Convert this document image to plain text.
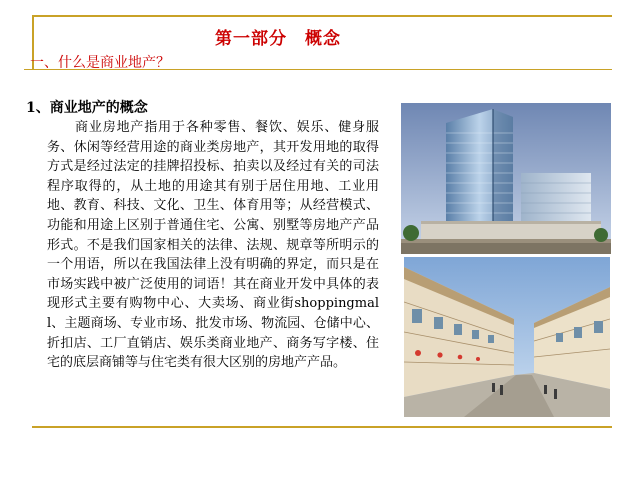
第一部分　概念
一、什么是商业地产？
1、商业地产的概念

商业房地产指用于各种零售、餐饮、娱乐、健身服务、休闲等经营用途的商业类房地产，其开发用地的取得方式是经过法定的挂牌招投标、拍卖以及经过有关的司法程序取得的，从土地的用途其有别于居住用地、工业用地、教育、科技、文化、卫生、体育用等；从经营模式、功能和用途上区别于普通住宅、公寓、别墅等房地产产品形式。不是我们国家相关的法律、法规、规章等所明示的一个用语，所以在我国法律上没有明确的界定，而只是在市场实践中被广泛使用的词语！其在商业开发中具体的表现形式主要有购物中心、大卖场、商业街shoppingmall、主题商场、专业市场、批发市场、物流园、仓储中心、折扣店、工厂直销店、娱乐类商业地产、商务写字楼、住宅的底层商铺等与住宅类有很大区别的房地产产品。
